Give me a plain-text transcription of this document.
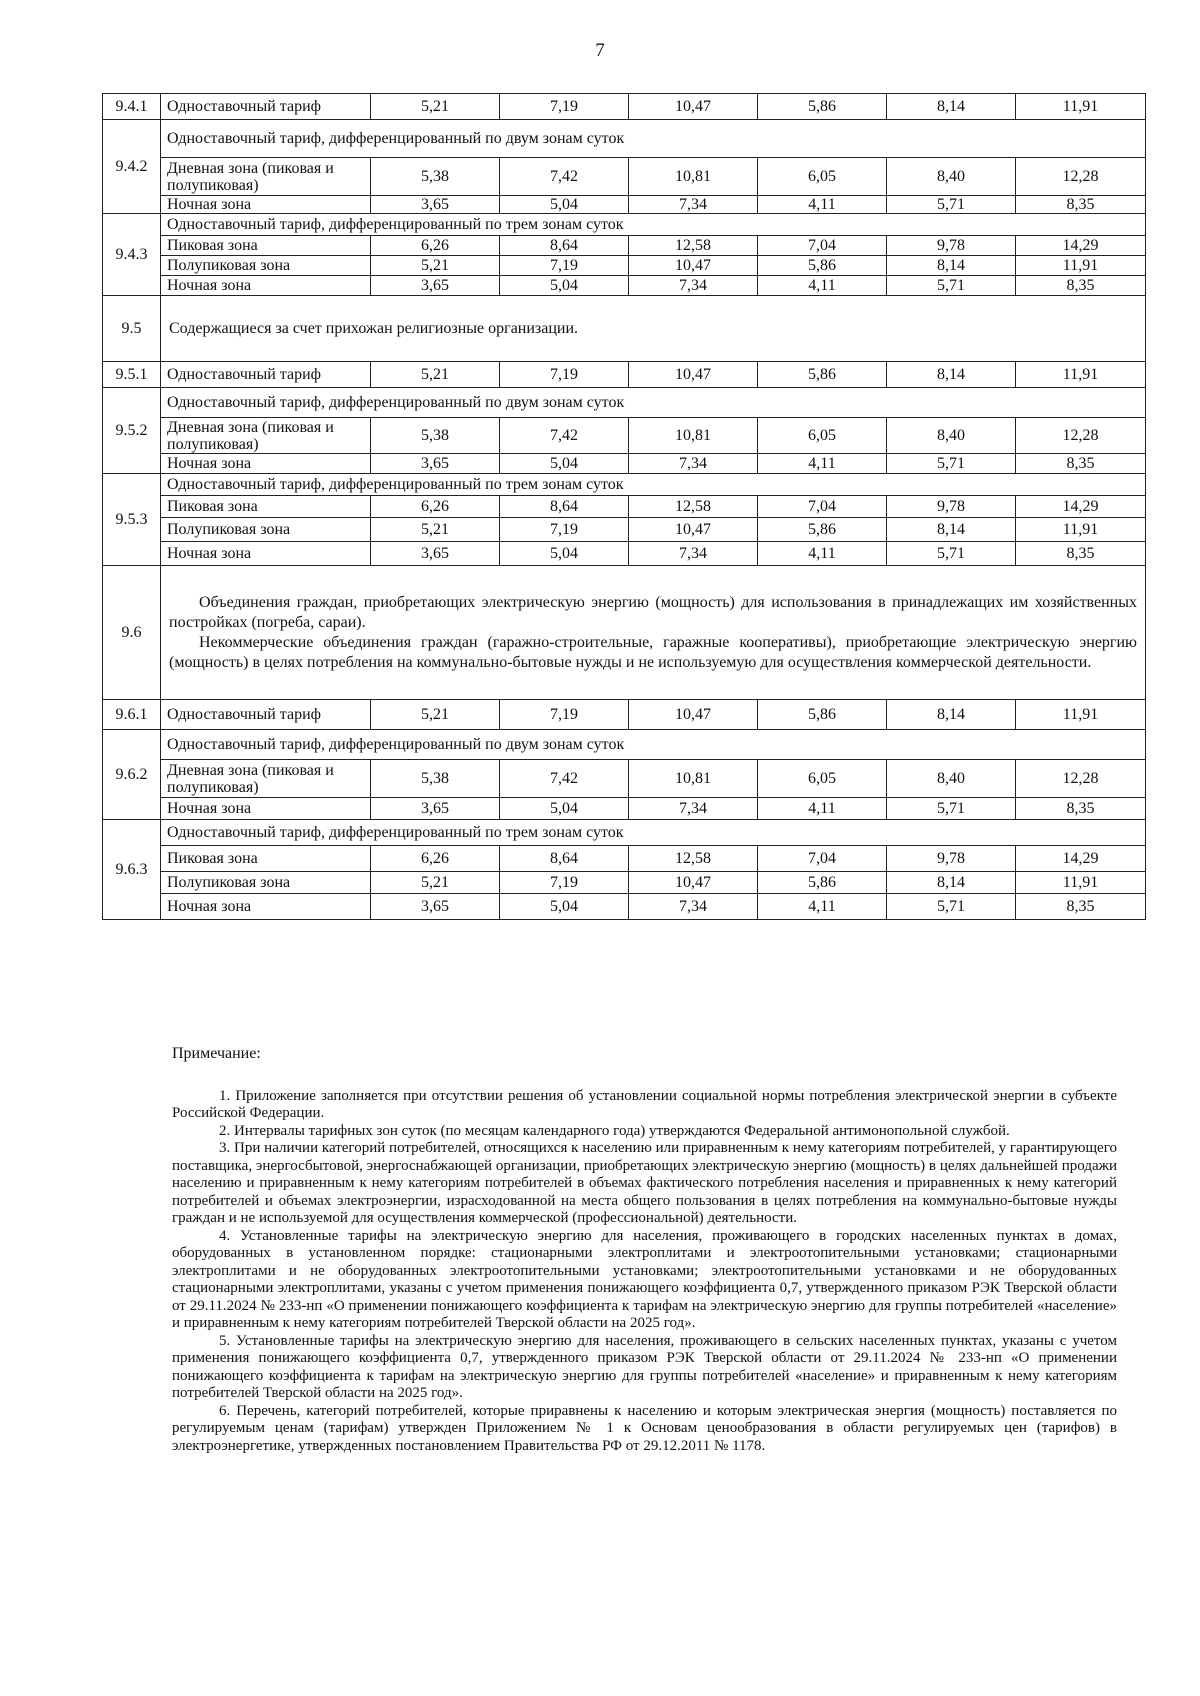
7
9.4.1	Одноставочный тариф	5,21	7,19	10,47	5,86	8,14	11,91
9.4.2	Одноставочный тариф, дифференцированный по двум зонам суток						
	Дневная зона (пиковая и полупиковая)	5,38	7,42	10,81	6,05	8,40	12,28
	Ночная зона	3,65	5,04	7,34	4,11	5,71	8,35
9.4.3	Одноставочный тариф, дифференцированный по трем зонам суток						
	Пиковая зона	6,26	8,64	12,58	7,04	9,78	14,29
	Полупиковая зона	5,21	7,19	10,47	5,86	8,14	11,91
	Ночная зона	3,65	5,04	7,34	4,11	5,71	8,35
9.5	Содержащиеся за счет прихожан религиозные организации.						

9.5.1	Одноставочный тариф	5,21	7,19	10,47	5,86	8,14	11,91
9.5.2	Одноставочный тариф, дифференцированный по двум зонам суток						
	Дневная зона (пиковая и полупиковая)	5,38	7,42	10,81	6,05	8,40	12,28
	Ночная зона	3,65	5,04	7,34	4,11	5,71	8,35
9.5.3	Одноставочный тариф, дифференцированный по трем зонам суток						
	Пиковая зона	6,26	8,64	12,58	7,04	9,78	14,29
	Полупиковая зона	5,21	7,19	10,47	5,86	8,14	11,91
	Ночная зона	3,65	5,04	7,34	4,11	5,71	8,35
9.6	Объединения граждан, приобретающих электрическую энергию (мощность) для использования в принадлежащих им хозяйственных постройках (погреба, сараи).

Некоммерческие объединения граждан (гаражно-строительные, гаражные кооперативы), приобретающие электрическую энергию (мощность) в целях потребления на коммунально-бытовые нужды и не используемую для осуществления коммерческой деятельности.						

9.6.1	Одноставочный тариф	5,21	7,19	10,47	5,86	8,14	11,91
9.6.2	Одноставочный тариф, дифференцированный по двум зонам суток						
	Дневная зона (пиковая и полупиковая)	5,38	7,42	10,81	6,05	8,40	12,28
	Ночная зона	3,65	5,04	7,34	4,11	5,71	8,35
9.6.3	Одноставочный тариф, дифференцированный по трем зонам суток						
	Пиковая зона	6,26	8,64	12,58	7,04	9,78	14,29
	Полупиковая зона	5,21	7,19	10,47	5,86	8,14	11,91
	Ночная зона	3,65	5,04	7,34	4,11	5,71	8,35
Примечание:

1. Приложение заполняется при отсутствии решения об установлении социальной нормы потребления электрической энергии в субъекте Российской Федерации.

2. Интервалы тарифных зон суток (по месяцам календарного года) утверждаются Федеральной антимонопольной службой.

3. При наличии категорий потребителей, относящихся к населению или приравненным к нему категориям потребителей, у гарантирующего поставщика, энергосбытовой, энергоснабжающей организации, приобретающих электрическую энергию (мощность) в целях дальнейшей продажи населению и приравненным к нему категориям потребителей в объемах фактического потребления населения и приравненных к нему категорий потребителей и объемах электроэнергии, израсходованной на места общего пользования в целях потребления на коммунально-бытовые нужды граждан и не используемой для осуществления коммерческой (профессиональной) деятельности.

4. Установленные тарифы на электрическую энергию для населения, проживающего в городских населенных пунктах в домах, оборудованных в установленном порядке: стационарными электроплитами и электроотопительными установками; стационарными электроплитами и не оборудованных электроотопительными установками; электроотопительными установками и не оборудованных стационарными электроплитами, указаны с учетом применения понижающего коэффициента 0,7, утвержденного приказом РЭК Тверской области от 29.11.2024 № 233-нп «О применении понижающего коэффициента к тарифам на электрическую энергию для группы потребителей «население» и приравненным к нему категориям потребителей Тверской области на 2025 год».

5. Установленные тарифы на электрическую энергию для населения, проживающего в сельских населенных пунктах, указаны с учетом применения понижающего коэффициента 0,7, утвержденного приказом РЭК Тверской области от 29.11.2024 № 233-нп «О применении понижающего коэффициента к тарифам на электрическую энергию для группы потребителей «население» и приравненным к нему категориям потребителей Тверской области на 2025 год».

6. Перечень, категорий потребителей, которые приравнены к населению и которым электрическая энергия (мощность) поставляется по регулируемым ценам (тарифам) утвержден Приложением № 1 к Основам ценообразования в области регулируемых цен (тарифов) в электроэнергетике, утвержденных постановлением Правительства РФ от 29.12.2011 № 1178.
